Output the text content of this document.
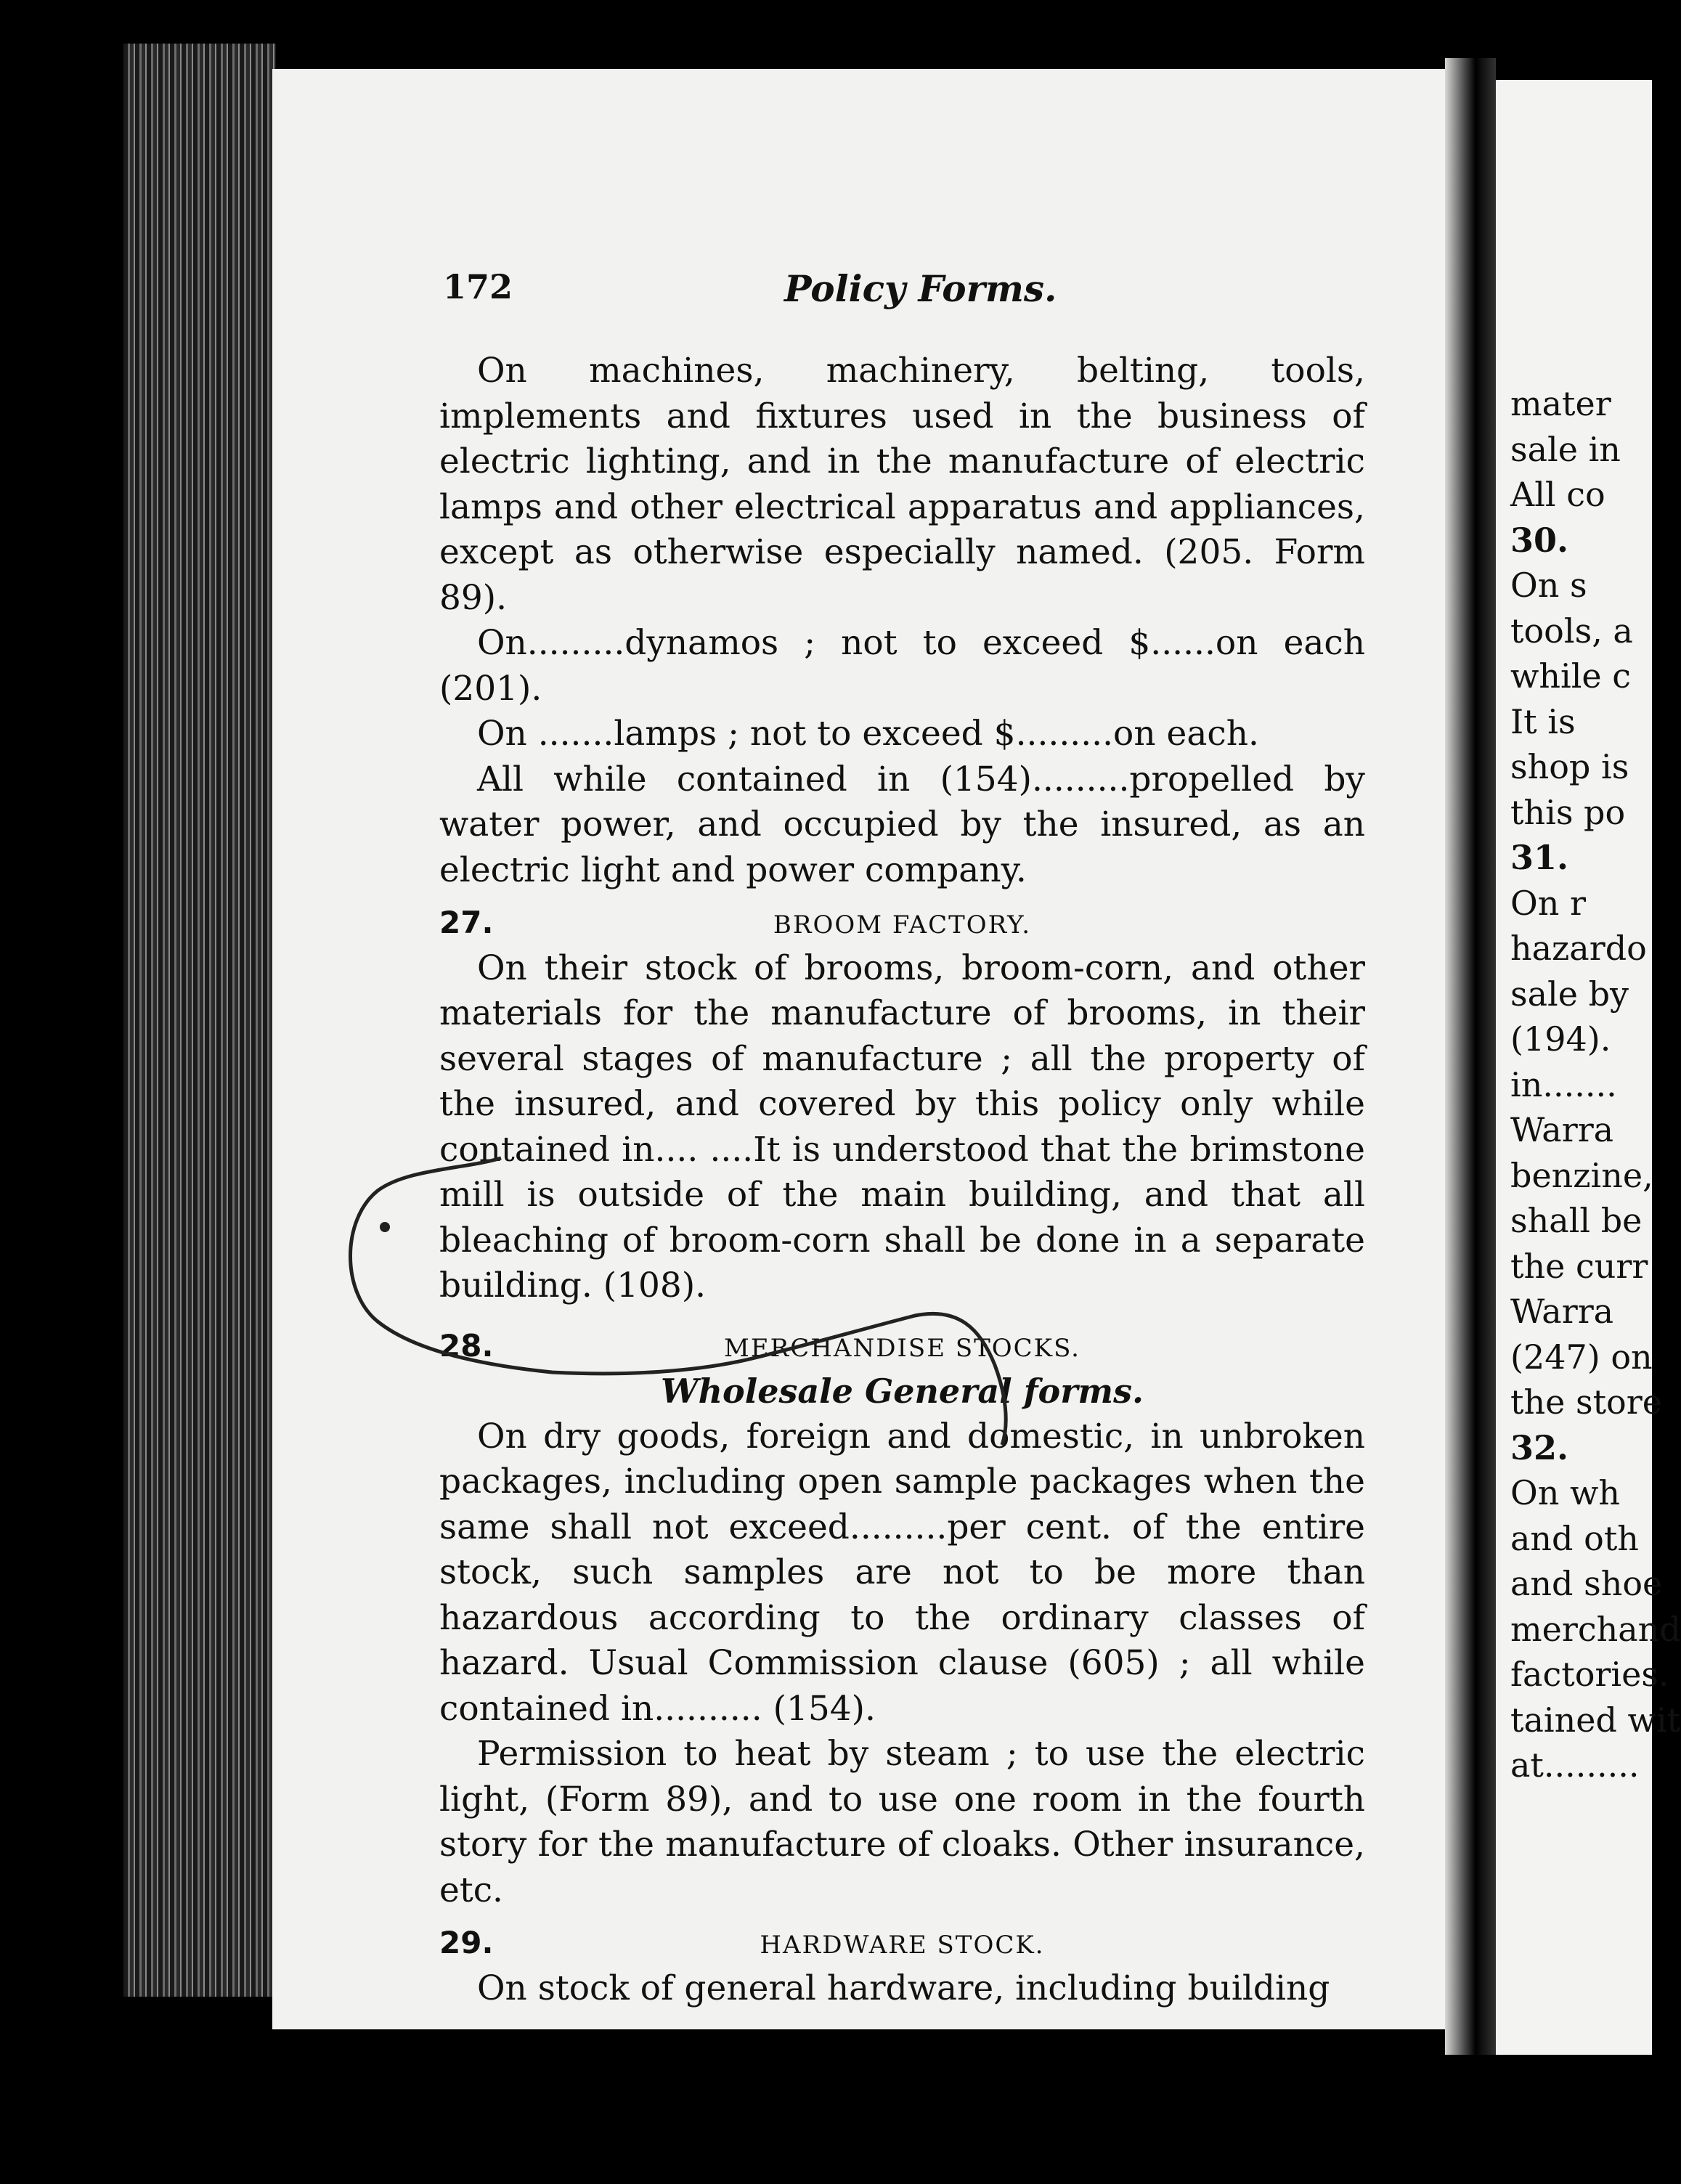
172	Policy Forms.

On machines, machinery, belting, tools, implements and fixtures used in the business of electric lighting, and in the manufacture of electric lamps and other electrical apparatus and appliances, except as otherwise especially named. (205. Form 89).

On.........dynamos ; not to exceed $......on each (201).

On .......lamps ; not to exceed $.........on each.

All while contained in (154).........propelled by water power, and occupied by the insured, as an electric light and power company.

27.	BROOM FACTORY.

On their stock of brooms, broom-corn, and other materials for the manufacture of brooms, in their several stages of manufacture ; all the property of the insured, and covered by this policy only while contained in.... ....It is understood that the brimstone mill is outside of the main building, and that all bleaching of broom-corn shall be done in a separate building. (108).

28.	MERCHANDISE STOCKS.
Wholesale General forms.

On dry goods, foreign and domestic, in unbroken packages, including open sample packages when the same shall not exceed.........per cent. of the entire stock, such samples are not to be more than hazardous according to the ordinary classes of hazard. Usual Commission clause (605) ; all while contained in.......... (154).

Permission to heat by steam ; to use the electric light, (Form 89), and to use one room in the fourth story for the manufacture of cloaks. Other insurance, etc.

29.	HARDWARE STOCK.

On stock of general hardware, including building

mater
sale in
All co
30.
On s
tools, a
while c
It is
shop is
this po
31.
On r
hazardo
sale by
(194).
in.......
Warra
benzine,
shall be
the curr
Warra
(247) on
the store
32.
On wh
and oth
and shoe
merchand
factories.
tained wit
at.........
